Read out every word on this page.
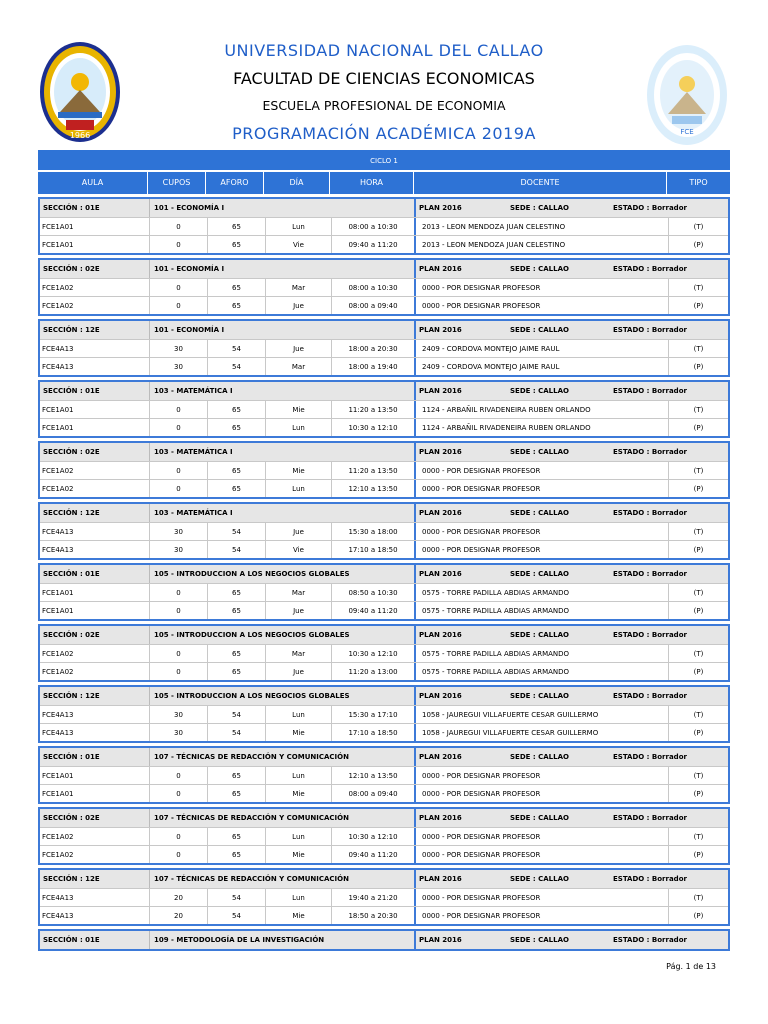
1966	FCE
UNIVERSIDAD NACIONAL DEL CALLAO
FACULTAD DE CIENCIAS ECONOMICAS
ESCUELA PROFESIONAL DE ECONOMIA
PROGRAMACIÓN ACADÉMICA 2019A
CICLO 1
AULA	CUPOS	AFORO	DÍA	HORA	DOCENTE	TIPO
SECCIÓN : 01E	101 - ECONOMÍA I	PLAN 2016	SEDE : CALLAO	ESTADO : Borrador
FCE1A01	0	65	Lun	08:00 a 10:30	2013 - LEON MENDOZA JUAN CELESTINO	(T)
FCE1A01	0	65	Vie	09:40 a 11:20	2013 - LEON MENDOZA JUAN CELESTINO	(P)
SECCIÓN : 02E	101 - ECONOMÍA I	PLAN 2016	SEDE : CALLAO	ESTADO : Borrador
FCE1A02	0	65	Mar	08:00 a 10:30	0000 - POR DESIGNAR PROFESOR	(T)
FCE1A02	0	65	Jue	08:00 a 09:40	0000 - POR DESIGNAR PROFESOR	(P)
SECCIÓN : 12E	101 - ECONOMÍA I	PLAN 2016	SEDE : CALLAO	ESTADO : Borrador
FCE4A13	30	54	Jue	18:00 a 20:30	2409 - CORDOVA MONTEJO JAIME RAUL	(T)
FCE4A13	30	54	Mar	18:00 a 19:40	2409 - CORDOVA MONTEJO JAIME RAUL	(P)
SECCIÓN : 01E	103 - MATEMÁTICA I	PLAN 2016	SEDE : CALLAO	ESTADO : Borrador
FCE1A01	0	65	Mie	11:20 a 13:50	1124 - ARBAÑIL RIVADENEIRA RUBEN ORLANDO	(T)
FCE1A01	0	65	Lun	10:30 a 12:10	1124 - ARBAÑIL RIVADENEIRA RUBEN ORLANDO	(P)
SECCIÓN : 02E	103 - MATEMÁTICA I	PLAN 2016	SEDE : CALLAO	ESTADO : Borrador
FCE1A02	0	65	Mie	11:20 a 13:50	0000 - POR DESIGNAR PROFESOR	(T)
FCE1A02	0	65	Lun	12:10 a 13:50	0000 - POR DESIGNAR PROFESOR	(P)
SECCIÓN : 12E	103 - MATEMÁTICA I	PLAN 2016	SEDE : CALLAO	ESTADO : Borrador
FCE4A13	30	54	Jue	15:30 a 18:00	0000 - POR DESIGNAR PROFESOR	(T)
FCE4A13	30	54	Vie	17:10 a 18:50	0000 - POR DESIGNAR PROFESOR	(P)
SECCIÓN : 01E	105 - INTRODUCCION A LOS NEGOCIOS GLOBALES	PLAN 2016	SEDE : CALLAO	ESTADO : Borrador
FCE1A01	0	65	Mar	08:50 a 10:30	0575 - TORRE PADILLA ABDIAS ARMANDO	(T)
FCE1A01	0	65	Jue	09:40 a 11:20	0575 - TORRE PADILLA ABDIAS ARMANDO	(P)
SECCIÓN : 02E	105 - INTRODUCCION A LOS NEGOCIOS GLOBALES	PLAN 2016	SEDE : CALLAO	ESTADO : Borrador
FCE1A02	0	65	Mar	10:30 a 12:10	0575 - TORRE PADILLA ABDIAS ARMANDO	(T)
FCE1A02	0	65	Jue	11:20 a 13:00	0575 - TORRE PADILLA ABDIAS ARMANDO	(P)
SECCIÓN : 12E	105 - INTRODUCCION A LOS NEGOCIOS GLOBALES	PLAN 2016	SEDE : CALLAO	ESTADO : Borrador
FCE4A13	30	54	Lun	15:30 a 17:10	1058 - JAUREGUI VILLAFUERTE CESAR GUILLERMO	(T)
FCE4A13	30	54	Mie	17:10 a 18:50	1058 - JAUREGUI VILLAFUERTE CESAR GUILLERMO	(P)
SECCIÓN : 01E	107 - TÉCNICAS DE REDACCIÓN Y COMUNICACIÓN	PLAN 2016	SEDE : CALLAO	ESTADO : Borrador
FCE1A01	0	65	Lun	12:10 a 13:50	0000 - POR DESIGNAR PROFESOR	(T)
FCE1A01	0	65	Mie	08:00 a 09:40	0000 - POR DESIGNAR PROFESOR	(P)
SECCIÓN : 02E	107 - TÉCNICAS DE REDACCIÓN Y COMUNICACIÓN	PLAN 2016	SEDE : CALLAO	ESTADO : Borrador
FCE1A02	0	65	Lun	10:30 a 12:10	0000 - POR DESIGNAR PROFESOR	(T)
FCE1A02	0	65	Mie	09:40 a 11:20	0000 - POR DESIGNAR PROFESOR	(P)
SECCIÓN : 12E	107 - TÉCNICAS DE REDACCIÓN Y COMUNICACIÓN	PLAN 2016	SEDE : CALLAO	ESTADO : Borrador
FCE4A13	20	54	Lun	19:40 a 21:20	0000 - POR DESIGNAR PROFESOR	(T)
FCE4A13	20	54	Mie	18:50 a 20:30	0000 - POR DESIGNAR PROFESOR	(P)
SECCIÓN : 01E	109 - METODOLOGÍA DE LA INVESTIGACIÓN	PLAN 2016	SEDE : CALLAO	ESTADO : Borrador
Pág. 1 de 13
